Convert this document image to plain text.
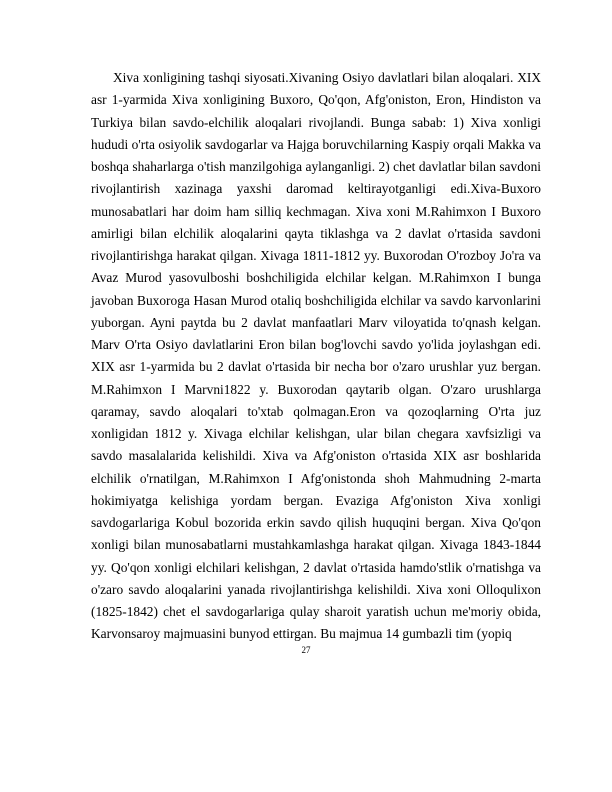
Xiva xonligining tashqi siyosati.Xivaning Osiyo davlatlari bilan aloqalari. XIX asr 1-yarmida Xiva xonligining Buxoro, Qo'qon, Afg'oniston, Eron, Hindiston va Turkiya bilan savdo-elchilik aloqalari rivojlandi. Bunga sabab: 1) Xiva xonligi hududi o'rta osiyolik savdogarlar va Hajga boruvchilarning Kaspiy orqali Makka va boshqa shaharlarga o'tish manzilgohiga aylanganligi. 2) chet davlatlar bilan savdoni rivojlantirish xazinaga yaxshi daromad keltirayotganligi edi.Xiva-Buxoro munosabatlari har doim ham silliq kechmagan. Xiva xoni M.Rahimxon I Buxoro amirligi bilan elchilik aloqalarini qayta tiklashga va 2 davlat o'rtasida savdoni rivojlantirishga harakat qilgan. Xivaga 1811-1812 yy. Buxorodan O'rozboy Jo'ra va Avaz Murod yasovulboshi boshchiligida elchilar kelgan. M.Rahimxon I bunga javoban Buxoroga Hasan Murod otaliq boshchiligida elchilar va savdo karvonlarini yuborgan. Ayni paytda bu 2 davlat manfaatlari Marv viloyatida to'qnash kelgan. Marv O'rta Osiyo davlatlarini Eron bilan bog'lovchi savdo yo'lida joylashgan edi. XIX asr 1-yarmida bu 2 davlat o'rtasida bir necha bor o'zaro urushlar yuz bergan. M.Rahimxon I Marvni1822 y. Buxorodan qaytarib olgan. O'zaro urushlarga qaramay, savdo aloqalari to'xtab qolmagan.Eron va qozoqlarning O'rta juz xonligidan 1812 y. Xivaga elchilar kelishgan, ular bilan chegara xavfsizligi va savdo masalalarida kelishildi. Xiva va Afg'oniston o'rtasida XIX asr boshlarida elchilik o'rnatilgan, M.Rahimxon I Afg'onistonda shoh Mahmudning 2-marta hokimiyatga kelishiga yordam bergan. Evaziga Afg'oniston Xiva xonligi savdogarlariga Kobul bozorida erkin savdo qilish huquqini bergan. Xiva Qo'qon xonligi bilan munosabatlarni mustahkamlashga harakat qilgan. Xivaga 1843-1844 yy. Qo'qon xonligi elchilari kelishgan, 2 davlat o'rtasida hamdo'stlik o'rnatishga va o'zaro savdo aloqalarini yanada rivojlantirishga kelishildi. Xiva xoni Olloqulixon (1825-1842) chet el savdogarlariga qulay sharoit yaratish uchun me'moriy obida, Karvonsaroy majmuasini bunyod ettirgan. Bu majmua 14 gumbazli tim (yopiq

27
